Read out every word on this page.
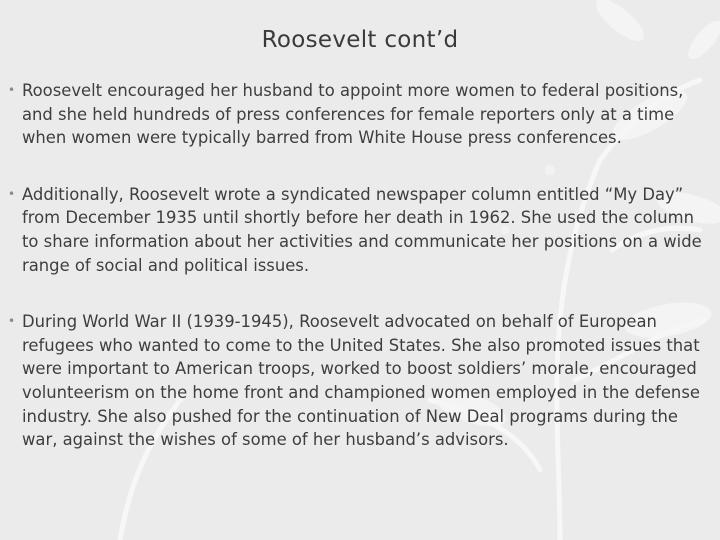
Roosevelt cont’d
• Roosevelt encouraged her husband to appoint more women to federal positions, and she held hundreds of press conferences for female reporters only at a time when women were typically barred from White House press conferences.
• Additionally, Roosevelt wrote a syndicated newspaper column entitled “My Day” from December 1935 until shortly before her death in 1962. She used the column to share information about her activities and communicate her positions on a wide range of social and political issues.
• During World War II (1939-1945), Roosevelt advocated on behalf of European refugees who wanted to come to the United States. She also promoted issues that were important to American troops, worked to boost soldiers’ morale, encouraged volunteerism on the home front and championed women employed in the defense industry. She also pushed for the continuation of New Deal programs during the war, against the wishes of some of her husband’s advisors.
